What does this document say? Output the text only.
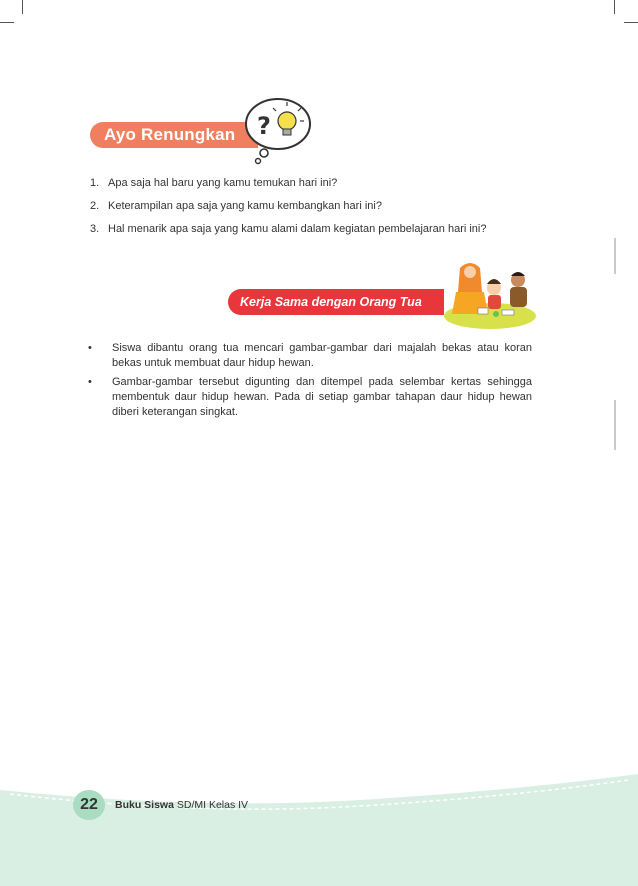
Ayo Renungkan ?
1. Apa saja hal baru yang kamu temukan hari ini?
2. Keterampilan apa saja yang kamu kembangkan hari ini?
3. Hal menarik apa saja yang kamu alami dalam kegiatan pembelajaran hari ini?
Kerja Sama dengan Orang Tua
•	Siswa dibantu orang tua mencari gambar-gambar dari majalah bekas atau koran bekas untuk membuat daur hidup hewan.
•	Gambar-gambar tersebut digunting dan ditempel pada selembar kertas sehingga membentuk daur hidup hewan. Pada di setiap gambar tahapan daur hidup hewan diberi keterangan singkat.
22	Buku Siswa SD/MI Kelas IV
